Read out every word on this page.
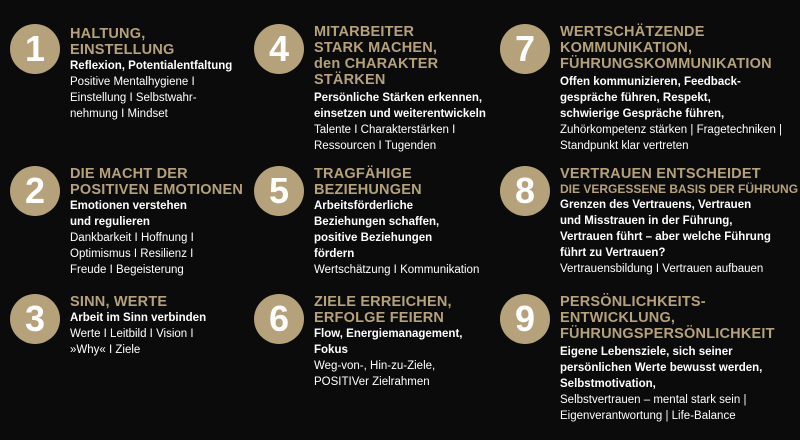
1	HALTUNG,
EINSTELLUNG
Reflexion, Potentialentfaltung
Positive Mentalhygiene I
Einstellung I Selbstwahr-
nehmung I Mindset
2	DIE MACHT DER
POSITIVEN EMOTIONEN
Emotionen verstehen
und regulieren
Dankbarkeit I Hoffnung I
Optimismus I Resilienz I
Freude I Begeisterung
3	SINN, WERTE
Arbeit im Sinn verbinden
Werte I Leitbild I Vision I
»Why« I Ziele
4	MITARBEITER
STARK MACHEN,
den CHARAKTER
STÄRKEN
Persönliche Stärken erkennen,
einsetzen und weiterentwickeln
Talente I Charakterstärken I
Ressourcen I Tugenden
5	TRAGFÄHIGE
BEZIEHUNGEN
Arbeitsförderliche
Beziehungen schaffen,
positive Beziehungen
fördern
Wertschätzung I Kommunikation
6	ZIELE ERREICHEN,
ERFOLGE FEIERN
Flow, Energiemanagement,
Fokus
Weg-von-, Hin-zu-Ziele,
POSITIVer Zielrahmen
7	WERTSCHÄTZENDE
KOMMUNIKATION,
FÜHRUNGSKOMMUNIKATION
Offen kommunizieren, Feedback-
gespräche führen, Respekt,
schwierige Gespräche führen,
Zuhörkompetenz stärken | Fragetechniken |
Standpunkt klar vertreten
8	VERTRAUEN ENTSCHEIDET
DIE VERGESSENE BASIS DER FÜHRUNG
Grenzen des Vertrauens, Vertrauen
und Misstrauen in der Führung,
Vertrauen führt – aber welche Führung
führt zu Vertrauen?
Vertrauensbildung I Vertrauen aufbauen
9	PERSÖNLICHKEITS-
ENTWICKLUNG,
FÜHRUNGSPERSÖNLICHKEIT
Eigene Lebensziele, sich seiner
persönlichen Werte bewusst werden,
Selbstmotivation,
Selbstvertrauen – mental stark sein |
Eigenverantwortung | Life-Balance
